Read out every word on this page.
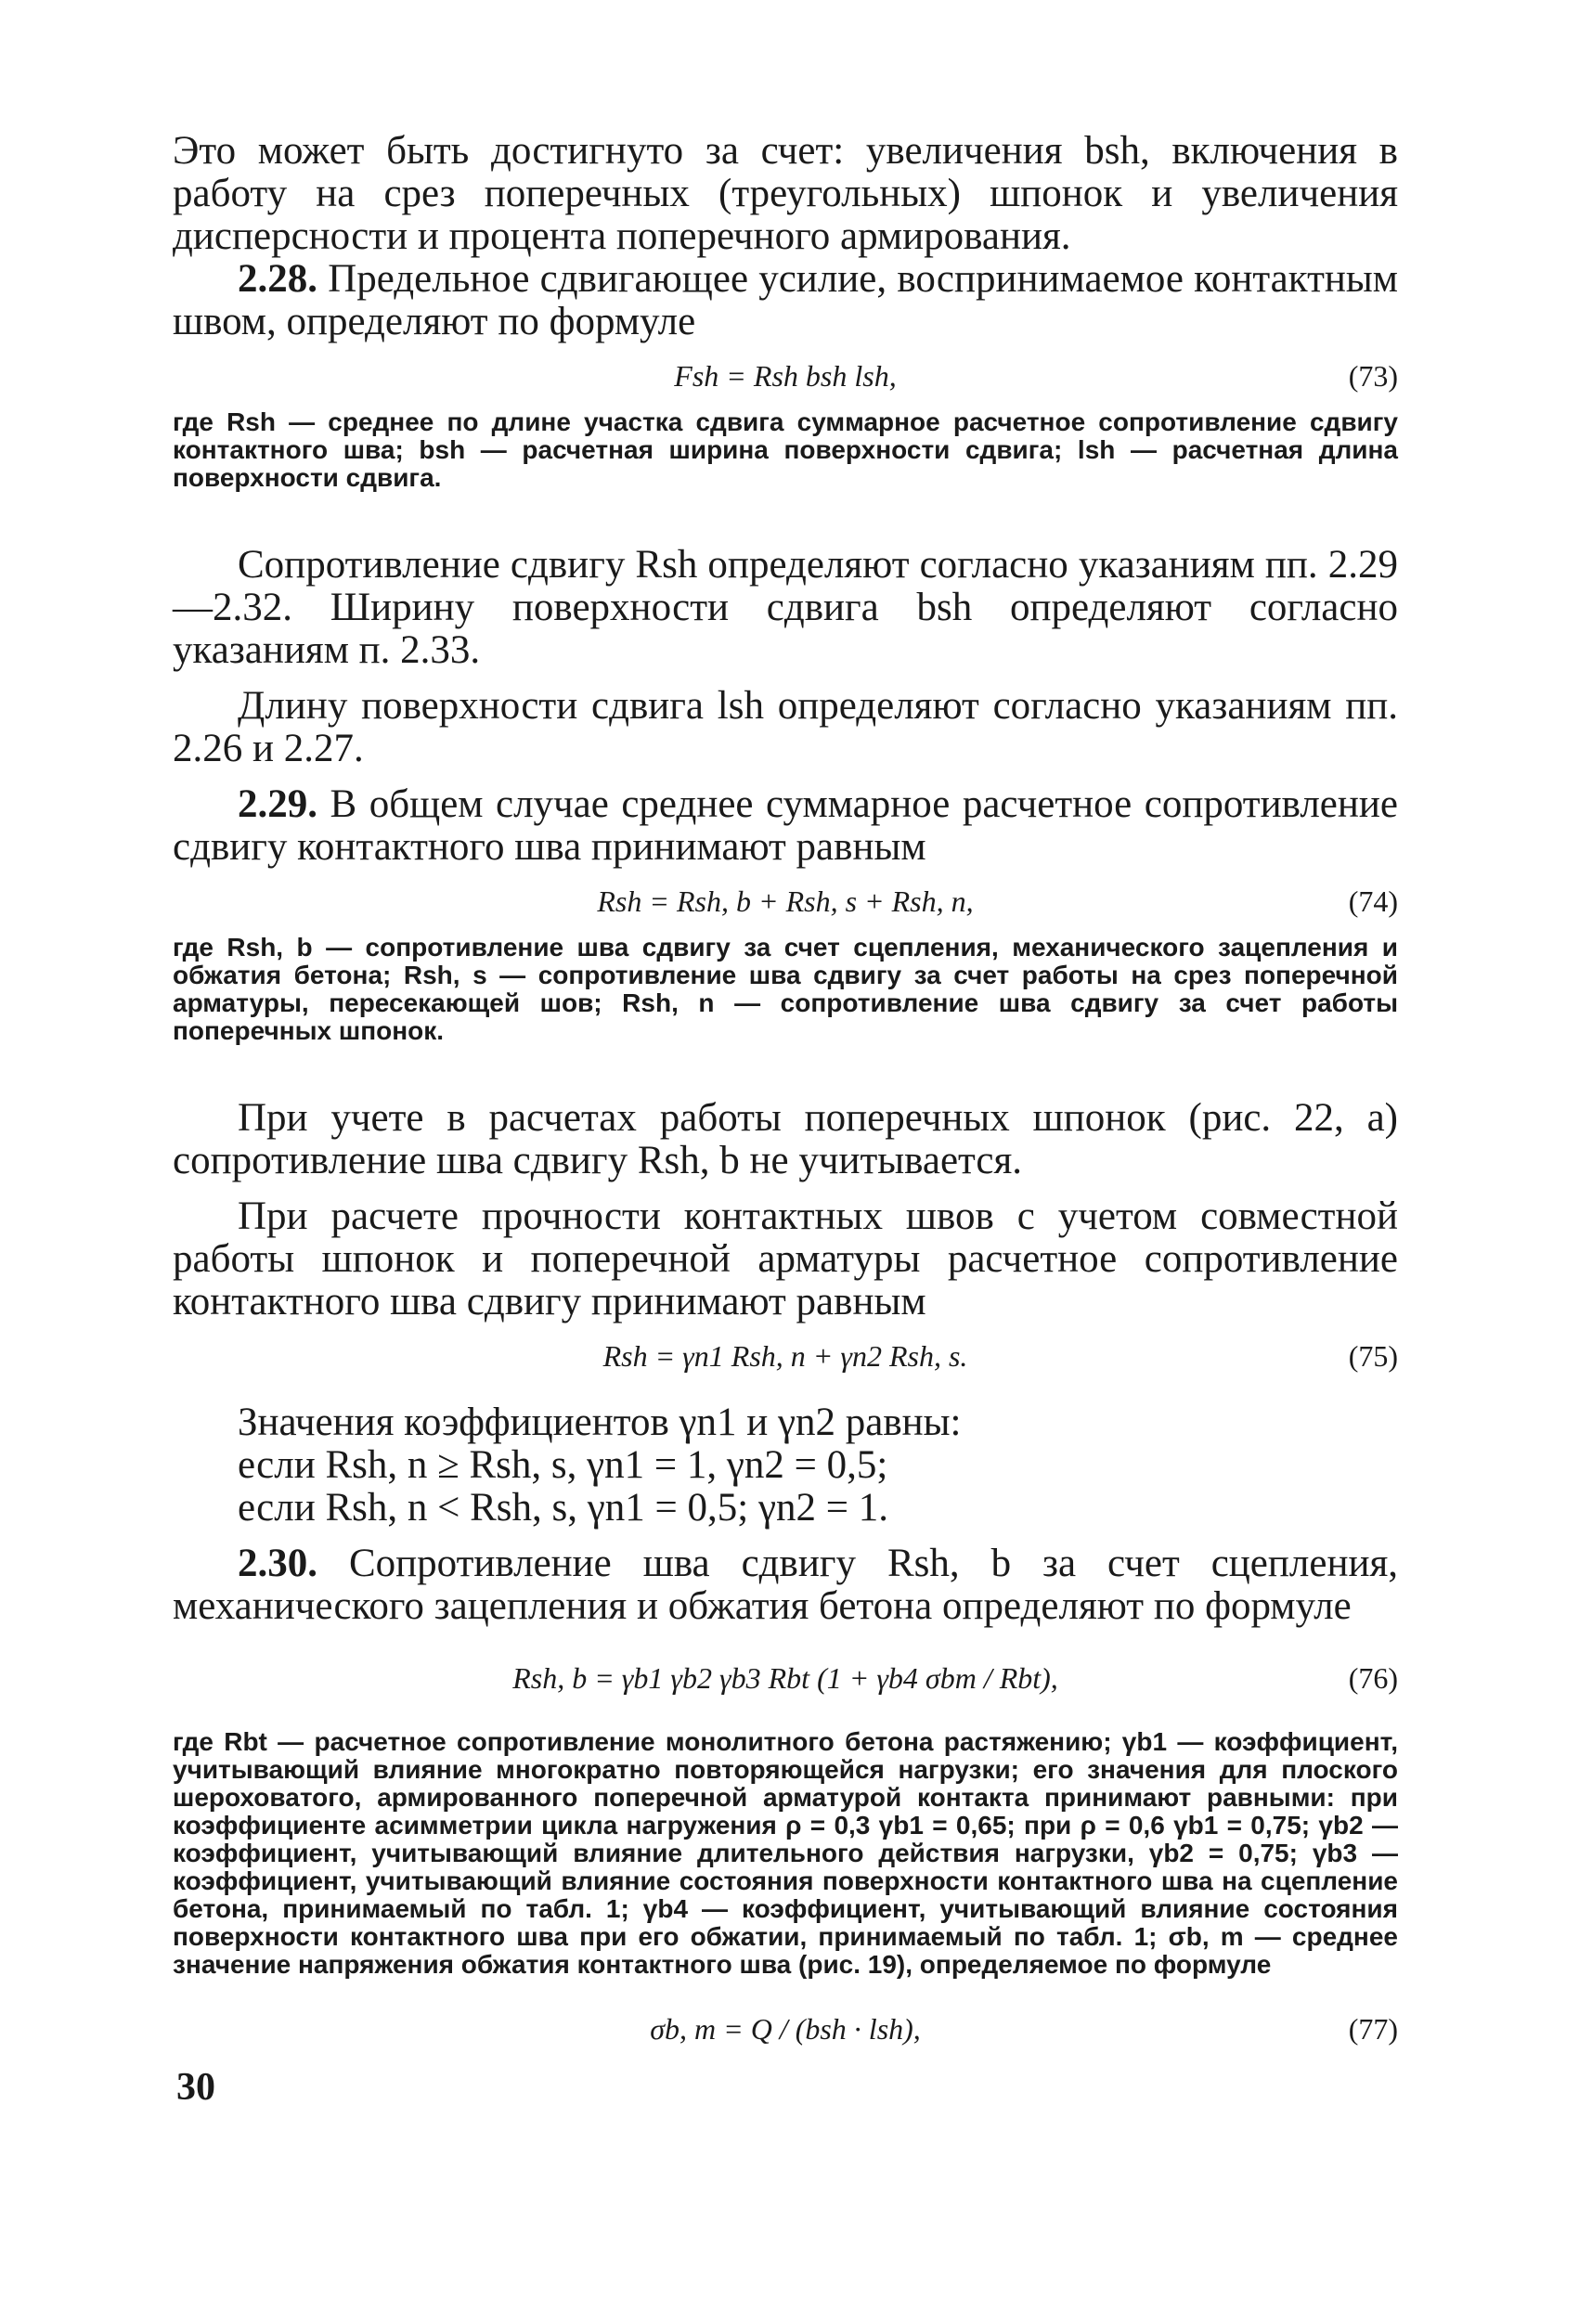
Это может быть достигнуто за счет: увеличения bsh, включения в работу на срез поперечных (треугольных) шпонок и увеличения дисперсности и процента поперечного армирования.

2.28. Предельное сдвигающее усилие, воспринимаемое контактным швом, определяют по формуле

Fsh = Rsh bsh lsh,	(73)

где Rsh — среднее по длине участка сдвига суммарное расчетное сопротивление сдвигу контактного шва; bsh — расчетная ширина поверхности сдвига; lsh — расчетная длина поверхности сдвига.

Сопротивление сдвигу Rsh определяют согласно указаниям пп. 2.29—2.32. Ширину поверхности сдвига bsh определяют согласно указаниям п. 2.33.

Длину поверхности сдвига lsh определяют согласно указаниям пп. 2.26 и 2.27.

2.29. В общем случае среднее суммарное расчетное сопротивление сдвигу контактного шва принимают равным

Rsh = Rsh, b + Rsh, s + Rsh, n,	(74)

где Rsh, b — сопротивление шва сдвигу за счет сцепления, механического зацепления и обжатия бетона; Rsh, s — сопротивление шва сдвигу за счет работы на срез поперечной арматуры, пересекающей шов; Rsh, n — сопротивление шва сдвигу за счет работы поперечных шпонок.

При учете в расчетах работы поперечных шпонок (рис. 22, а) сопротивление шва сдвигу Rsh, b не учитывается.

При расчете прочности контактных швов с учетом совместной работы шпонок и поперечной арматуры расчетное сопротивление контактного шва сдвигу принимают равным

Rsh = γn1 Rsh, n + γn2 Rsh, s.	(75)

Значения коэффициентов γn1 и γn2 равны:

если Rsh, n ≥ Rsh, s, γn1 = 1, γn2 = 0,5;

если Rsh, n < Rsh, s, γn1 = 0,5; γn2 = 1.

2.30. Сопротивление шва сдвигу Rsh, b за счет сцепления, механического зацепления и обжатия бетона определяют по формуле

Rsh, b = γb1 γb2 γb3 Rbt (1 + γb4 σbm / Rbt),	(76)

где Rbt — расчетное сопротивление монолитного бетона растяжению; γb1 — коэффициент, учитывающий влияние многократно повторяющейся нагрузки; его значения для плоского шероховатого, армированного поперечной арматурой контакта принимают равными: при коэффициенте асимметрии цикла нагружения ρ = 0,3 γb1 = 0,65; при ρ = 0,6 γb1 = 0,75; γb2 — коэффициент, учитывающий влияние длительного действия нагрузки, γb2 = 0,75; γb3 — коэффициент, учитывающий влияние состояния поверхности контактного шва на сцепление бетона, принимаемый по табл. 1; γb4 — коэффициент, учитывающий влияние состояния поверхности контактного шва при его обжатии, принимаемый по табл. 1; σb, m — среднее значение напряжения обжатия контактного шва (рис. 19), определяемое по формуле

σb, m = Q / (bsh · lsh),	(77)
30
